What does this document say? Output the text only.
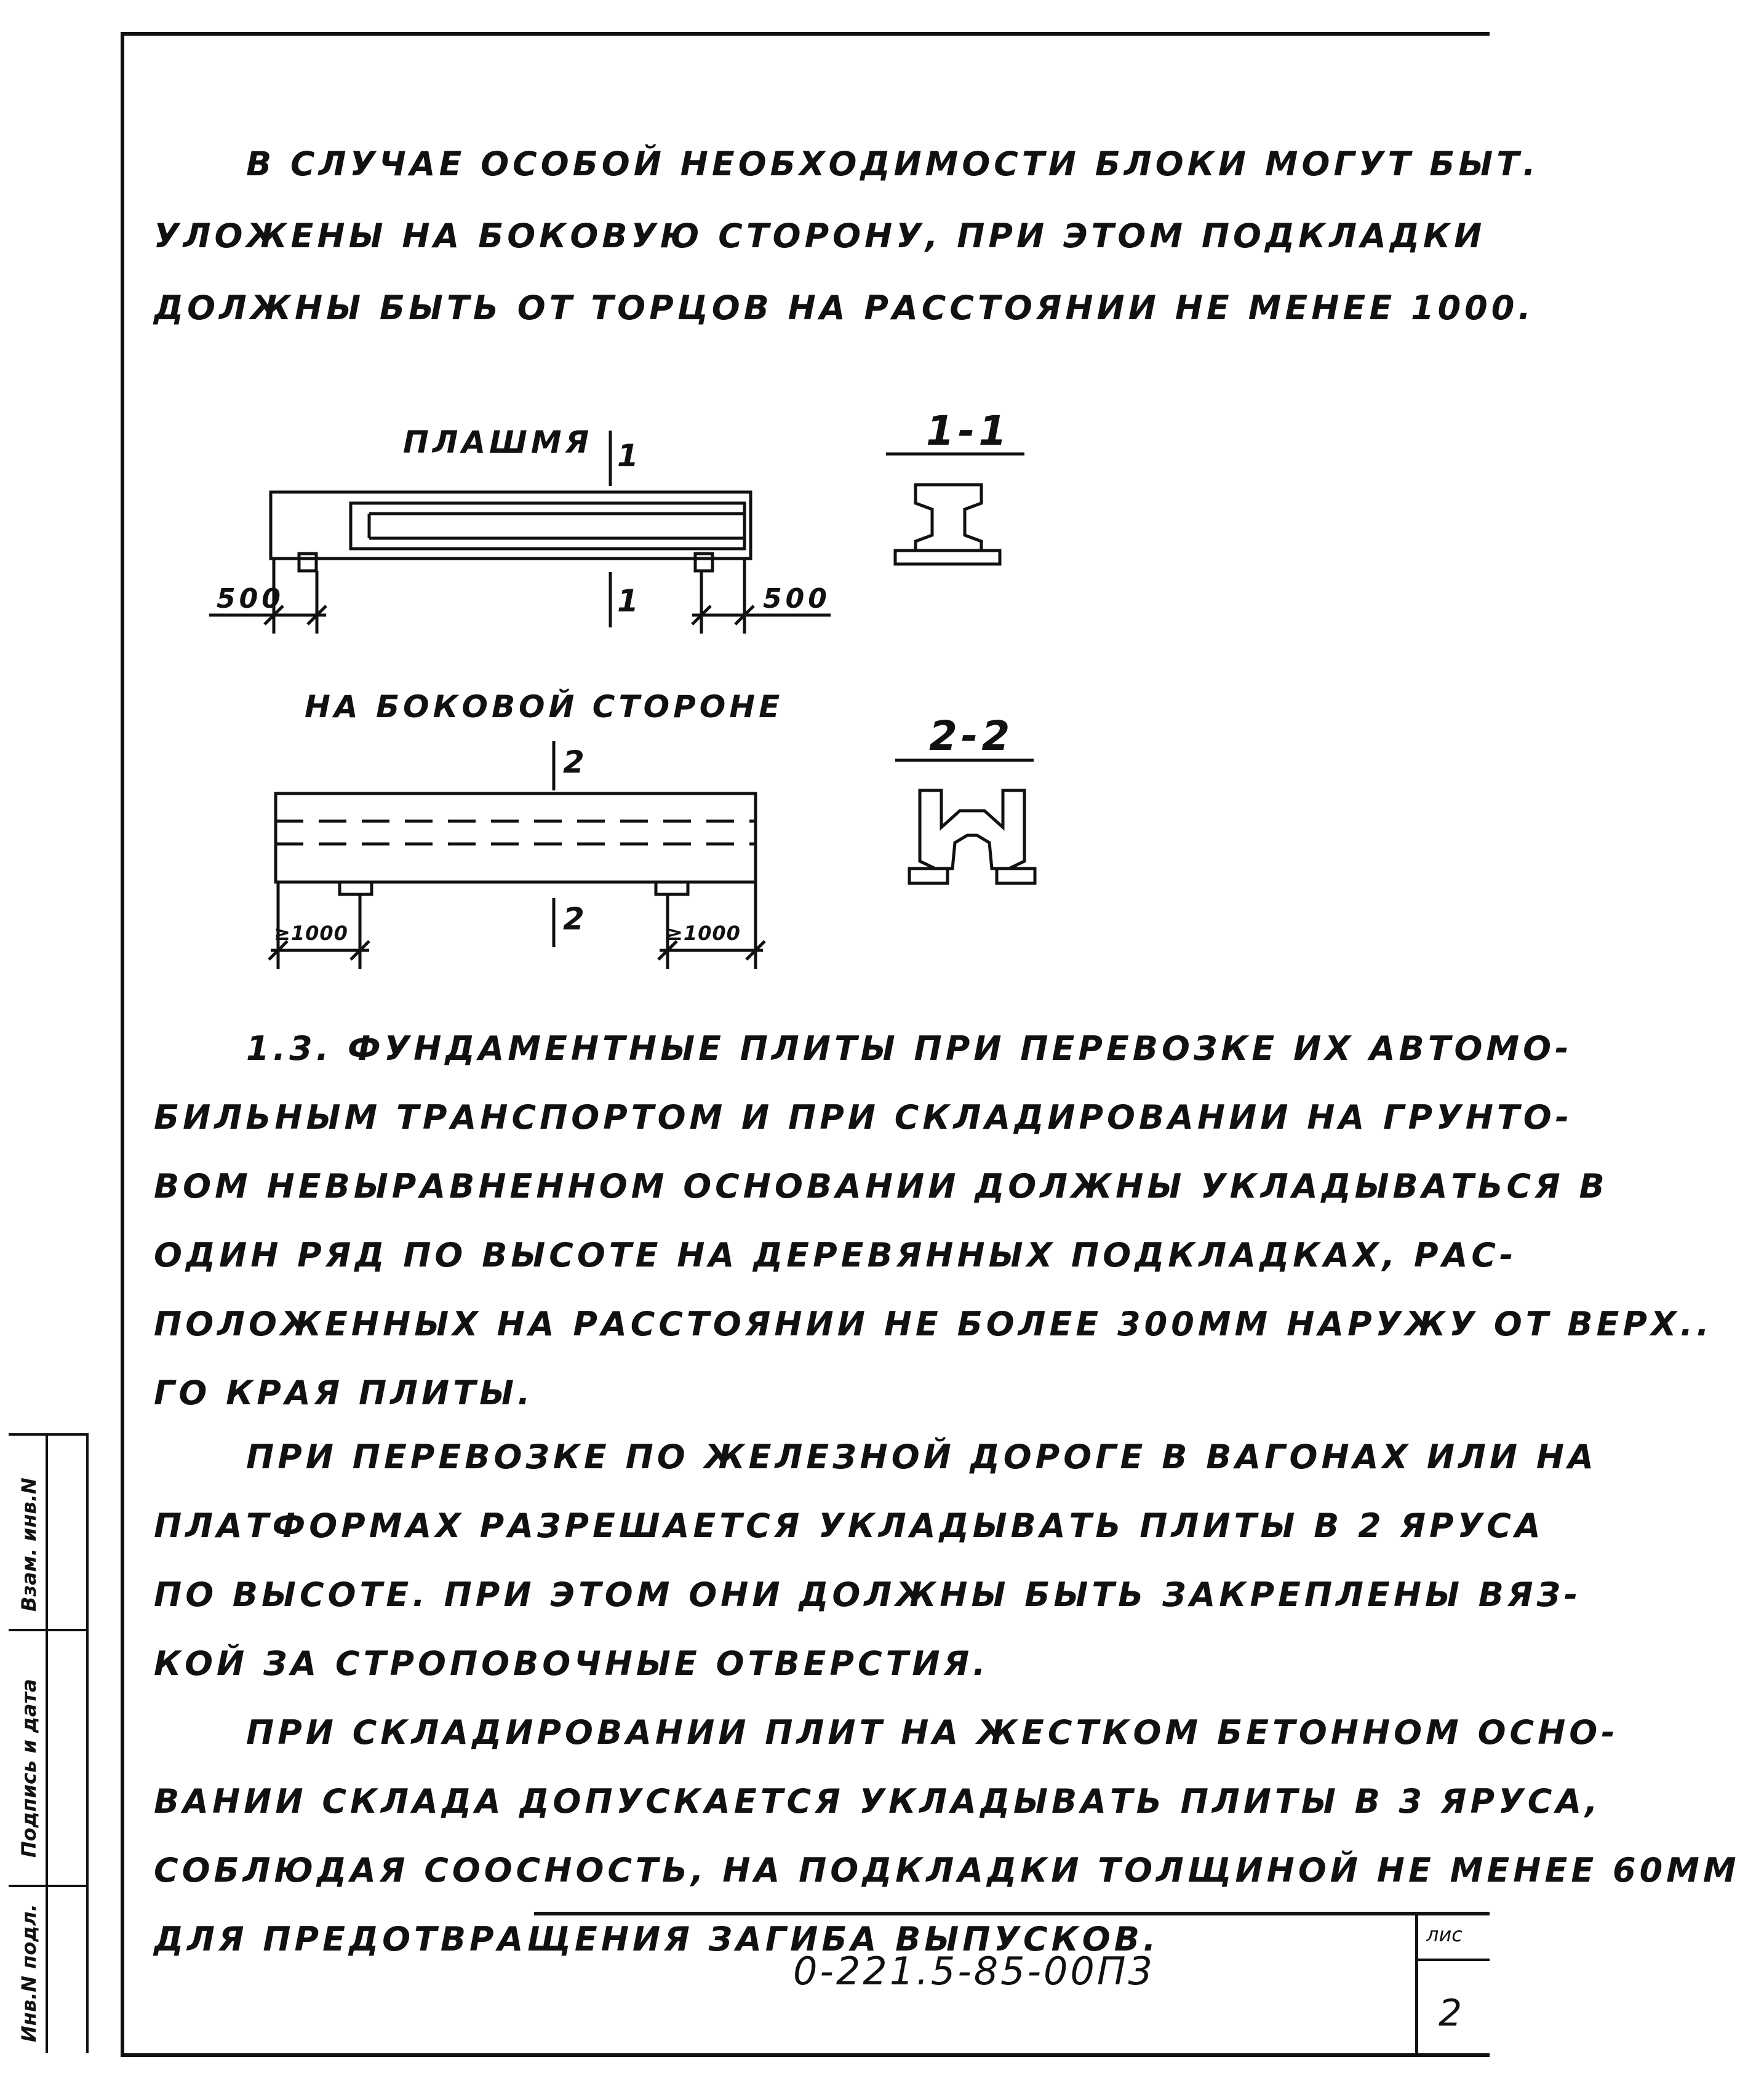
В СЛУЧАЕ ОСОБОЙ НЕОБХОДИМОСТИ БЛОКИ МОГУТ БЫТ.
УЛОЖЕНЫ НА БОКОВУЮ СТОРОНУ, ПРИ ЭТОМ ПОДКЛАДКИ
ДОЛЖНЫ БЫТЬ ОТ ТОРЦОВ НА РАССТОЯНИИ НЕ МЕНЕЕ 1000.
ПЛАШМЯ 1
1
500	500
1-1
НА БОКОВОЙ СТОРОНЕ
2
2
≥1000	≥1000
2-2
1.3. ФУНДАМЕНТНЫЕ ПЛИТЫ ПРИ ПЕРЕВОЗКЕ ИХ АВТОМО-
БИЛЬНЫМ ТРАНСПОРТОМ И ПРИ СКЛАДИРОВАНИИ НА ГРУНТО-
ВОМ НЕВЫРАВНЕННОМ ОСНОВАНИИ ДОЛЖНЫ УКЛАДЫВАТЬСЯ В
ОДИН РЯД ПО ВЫСОТЕ НА ДЕРЕВЯННЫХ ПОДКЛАДКАХ, РАС-
ПОЛОЖЕННЫХ НА РАССТОЯНИИ НЕ БОЛЕЕ 300ММ НАРУЖУ ОТ ВЕРХ..
ГО КРАЯ ПЛИТЫ.
ПРИ ПЕРЕВОЗКЕ ПО ЖЕЛЕЗНОЙ ДОРОГЕ В ВАГОНАХ ИЛИ НА
ПЛАТФОРМАХ РАЗРЕШАЕТСЯ УКЛАДЫВАТЬ ПЛИТЫ В 2 ЯРУСА
ПО ВЫСОТЕ. ПРИ ЭТОМ ОНИ ДОЛЖНЫ БЫТЬ ЗАКРЕПЛЕНЫ ВЯЗ-
КОЙ ЗА СТРОПОВОЧНЫЕ ОТВЕРСТИЯ.
ПРИ СКЛАДИРОВАНИИ ПЛИТ НА ЖЕСТКОМ БЕТОННОМ ОСНО-
ВАНИИ СКЛАДА ДОПУСКАЕТСЯ УКЛАДЫВАТЬ ПЛИТЫ В 3 ЯРУСА,
СОБЛЮДАЯ СООСНОСТЬ, НА ПОДКЛАДКИ ТОЛЩИНОЙ НЕ МЕНЕЕ 60ММ
ДЛЯ ПРЕДОТВРАЩЕНИЯ ЗАГИБА ВЫПУСКОВ.
Взам. инв.N
Подпись и дата
Инв.N подл.	0-221.5-85-00П3
лис
2
